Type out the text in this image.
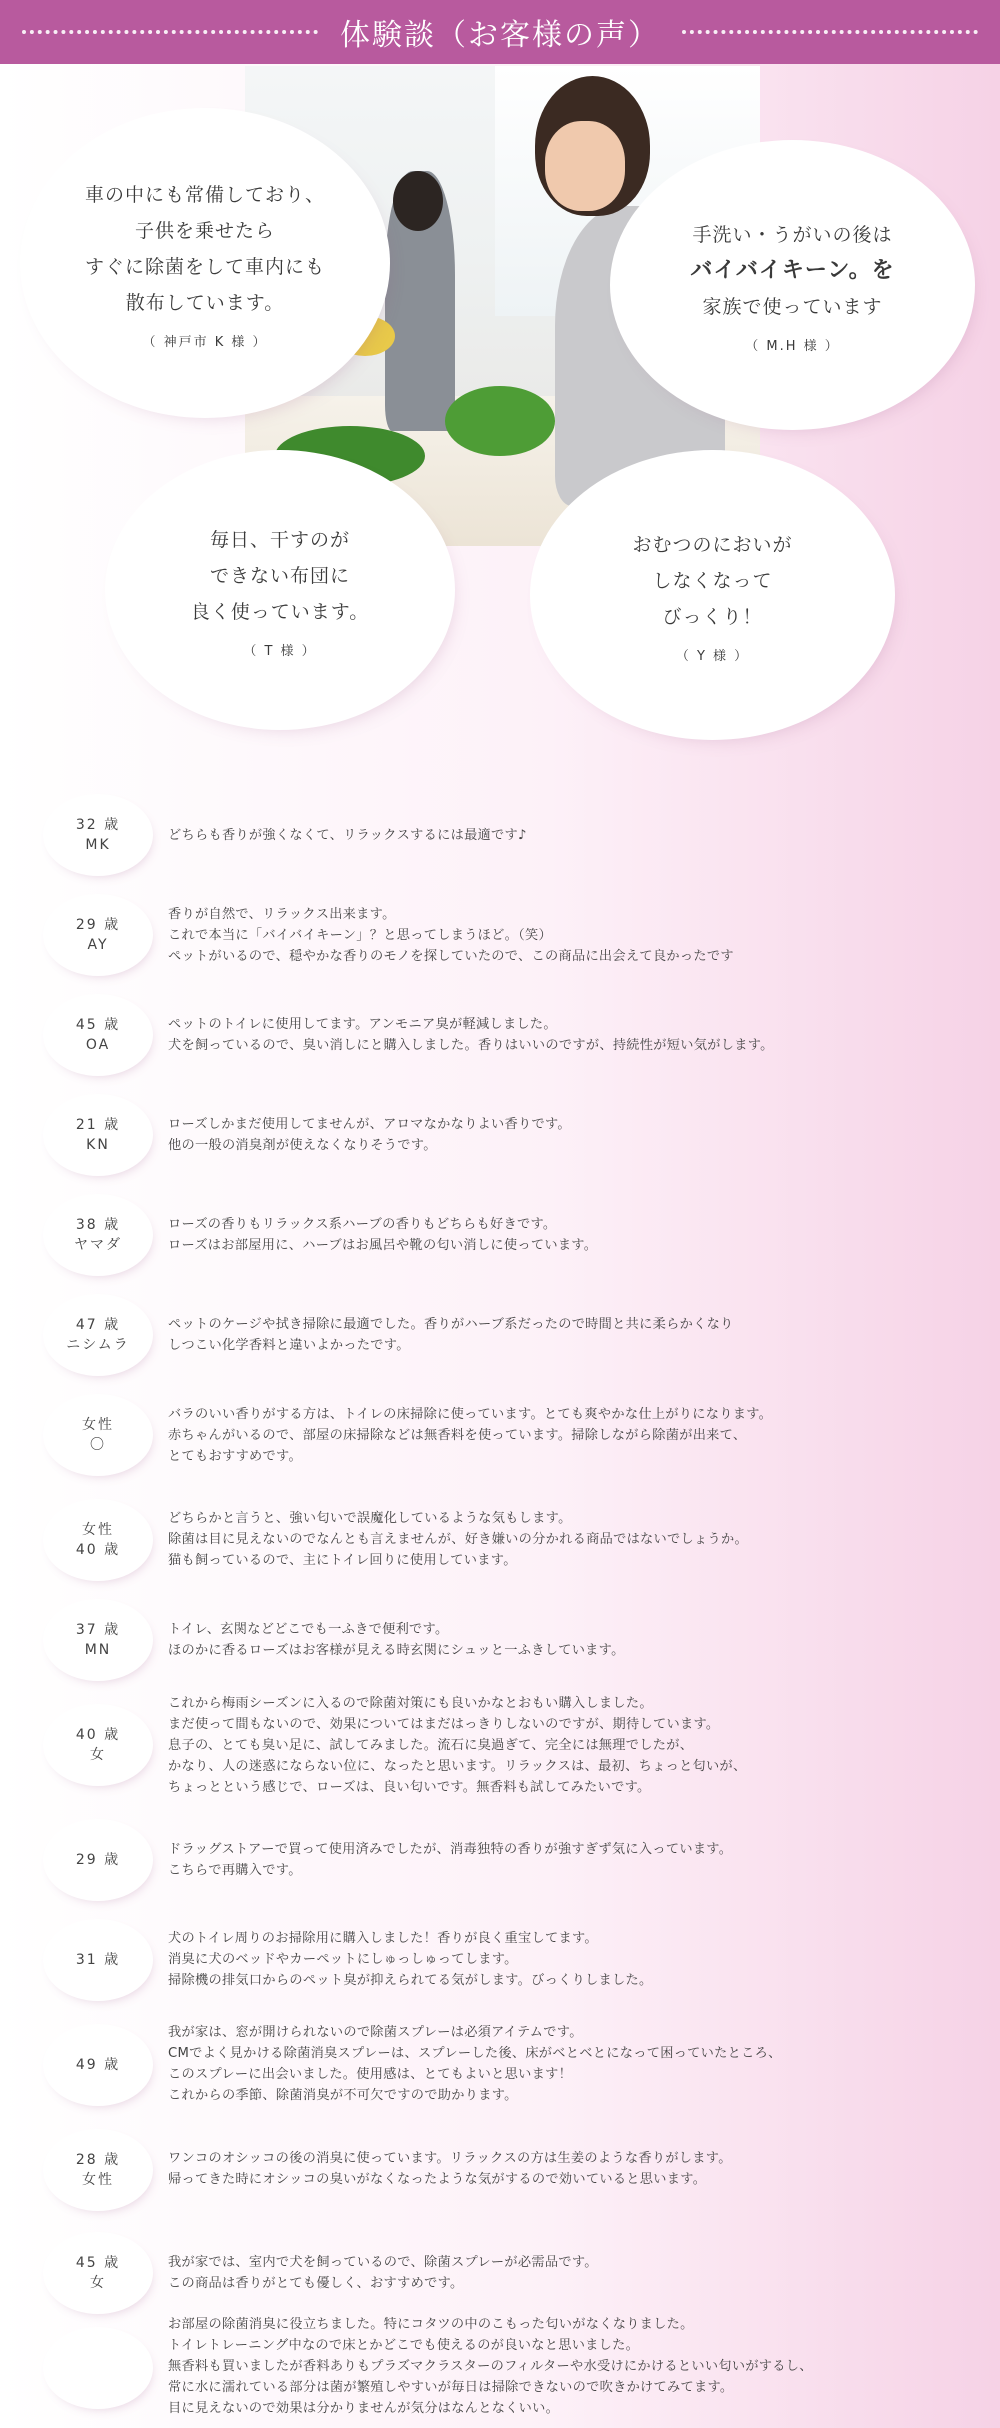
体験談（お客様の声）
車の中にも常備しており、
子供を乗せたら
すぐに除菌をして車内にも
散布しています。
（ 神戸市 K 様 ）
手洗い・うがいの後は
バイバイキーン。を
家族で使っています
（ M.H 様 ）
毎日、干すのが
できない布団に
良く使っています。
（ T 様 ）
おむつのにおいが
しなくなって
びっくり！
（ Y 様 ）
32 歳
MK
どちらも香りが強くなくて、リラックスするには最適です♪
29 歳
AY
香りが自然で、リラックス出来ます。
これで本当に「バイバイキーン」？と思ってしまうほど。（笑）
ペットがいるので、穏やかな香りのモノを探していたので、この商品に出会えて良かったです
45 歳
OA
ペットのトイレに使用してます。アンモニア臭が軽減しました。
犬を飼っているので、臭い消しにと購入しました。香りはいいのですが、持続性が短い気がします。
21 歳
KN
ローズしかまだ使用してませんが、アロマなかなりよい香りです。
他の一般の消臭剤が使えなくなりそうです。
38 歳
ヤマダ
ローズの香りもリラックス系ハーブの香りもどちらも好きです。
ローズはお部屋用に、ハーブはお風呂や靴の匂い消しに使っています。
47 歳
ニシムラ
ペットのケージや拭き掃除に最適でした。香りがハーブ系だったので時間と共に柔らかくなり
しつこい化学香料と違いよかったです。
女性
〇
バラのいい香りがする方は、トイレの床掃除に使っています。とても爽やかな仕上がりになります。
赤ちゃんがいるので、部屋の床掃除などは無香料を使っています。掃除しながら除菌が出来て、
とてもおすすめです。
女性
40 歳
どちらかと言うと、強い匂いで誤魔化しているような気もします。
除菌は目に見えないのでなんとも言えませんが、好き嫌いの分かれる商品ではないでしょうか。
猫も飼っているので、主にトイレ回りに使用しています。
37 歳
MN
トイレ、玄関などどこでも一ふきで便利です。
ほのかに香るローズはお客様が見える時玄関にシュッと一ふきしています。
40 歳
女
これから梅雨シーズンに入るので除菌対策にも良いかなとおもい購入しました。
まだ使って間もないので、効果についてはまだはっきりしないのですが、期待しています。
息子の、とても臭い足に、試してみました。流石に臭過ぎて、完全には無理でしたが、
かなり、人の迷惑にならない位に、なったと思います。リラックスは、最初、ちょっと匂いが、
ちょっとという感じで、ローズは、良い匂いです。無香料も試してみたいです。
29 歳
ドラッグストアーで買って使用済みでしたが、消毒独特の香りが強すぎず気に入っています。
こちらで再購入です。
31 歳
犬のトイレ周りのお掃除用に購入しました！香りが良く重宝してます。
消臭に犬のベッドやカーペットにしゅっしゅってします。
掃除機の排気口からのペット臭が抑えられてる気がします。びっくりしました。
49 歳
我が家は、窓が開けられないので除菌スプレーは必須アイテムです。
CMでよく見かける除菌消臭スプレーは、スプレーした後、床がベとベとになって困っていたところ、
このスプレーに出会いました。使用感は、とてもよいと思います！
これからの季節、除菌消臭が不可欠ですので助かります。
28 歳
女性
ワンコのオシッコの後の消臭に使っています。リラックスの方は生姜のような香りがします。
帰ってきた時にオシッコの臭いがなくなったような気がするので効いていると思います。
45 歳
女
我が家では、室内で犬を飼っているので、除菌スプレーが必需品です。
この商品は香りがとても優しく、おすすめです。
お部屋の除菌消臭に役立ちました。特にコタツの中のこもった匂いがなくなりました。
トイレトレーニング中なので床とかどこでも使えるのが良いなと思いました。
無香料も買いましたが香料ありもプラズマクラスターのフィルターや水受けにかけるといい匂いがするし、
常に水に濡れている部分は菌が繁殖しやすいが毎日は掃除できないので吹きかけてみてます。
目に見えないので効果は分かりませんが気分はなんとなくいい。
